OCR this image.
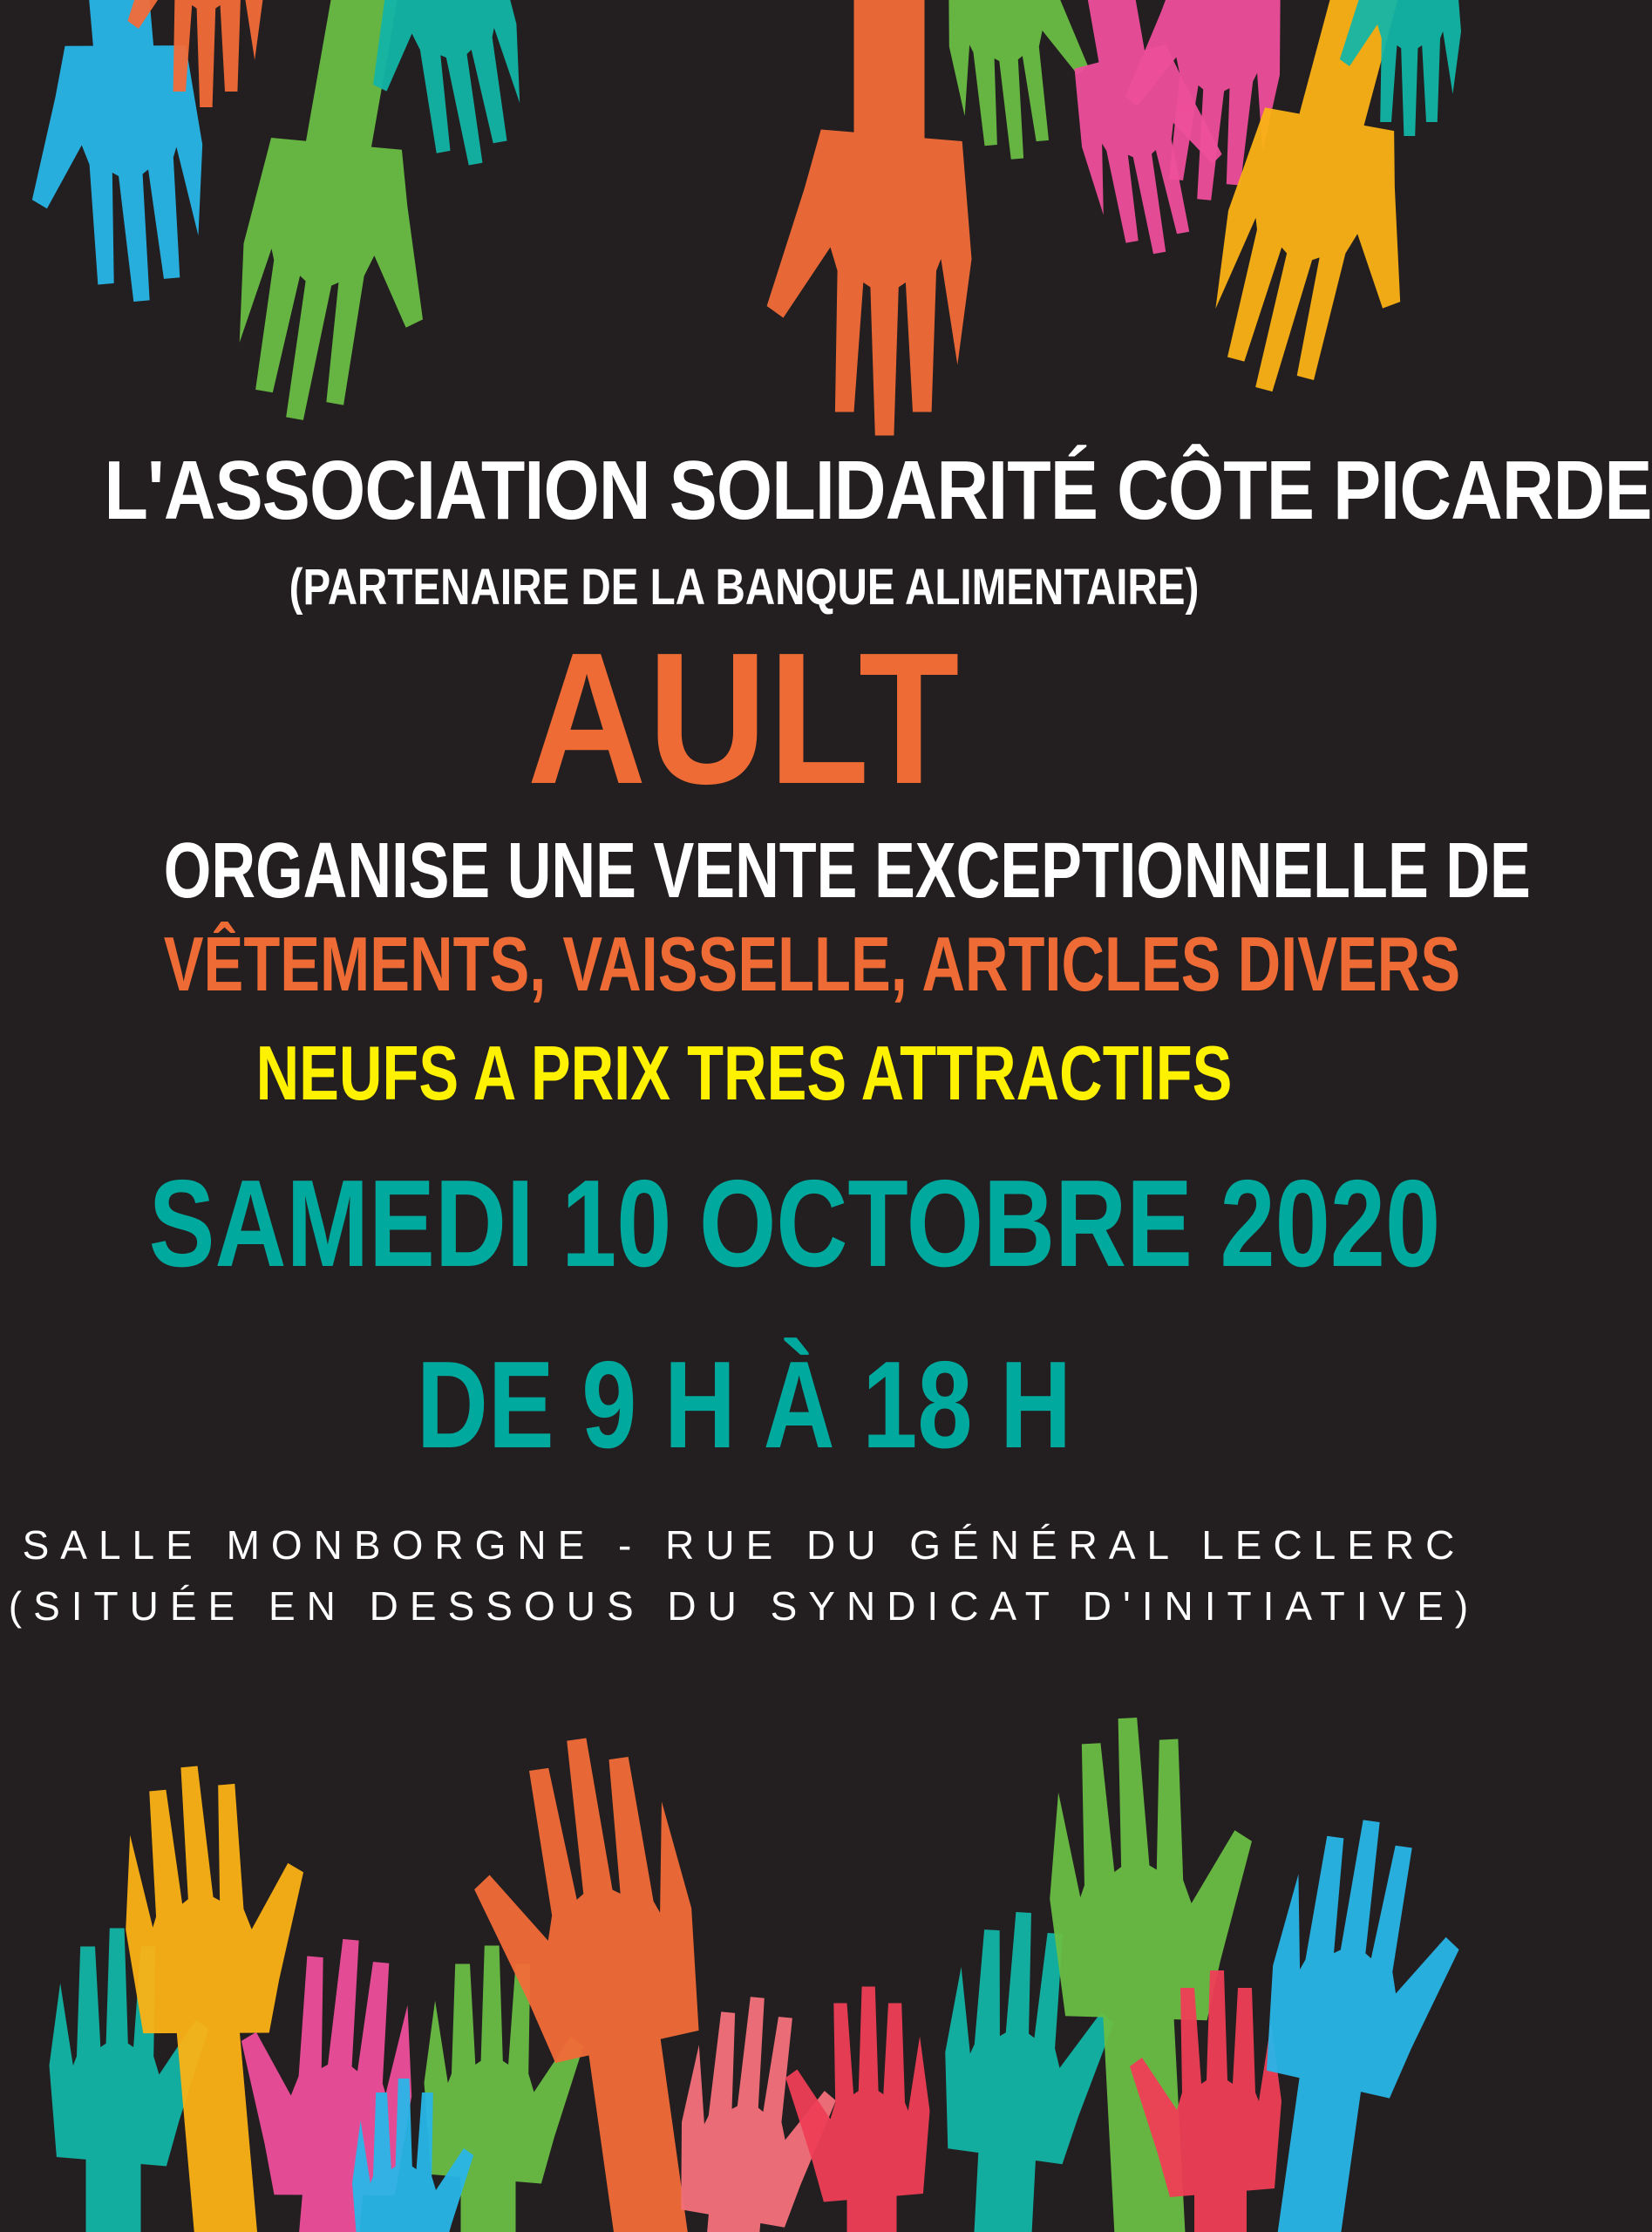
L'ASSOCIATION SOLIDARITÉ CÔTE PICARDE

(PARTENAIRE DE LA BANQUE ALIMENTAIRE)

AULT

ORGANISE UNE VENTE EXCEPTIONNELLE DE

VÊTEMENTS, VAISSELLE, ARTICLES DIVERS

NEUFS A PRIX TRES ATTRACTIFS

SAMEDI 10 OCTOBRE 2020

DE 9 H À 18 H

SALLE MONBORGNE - RUE DU GÉNÉRAL LECLERC

(SITUÉE EN DESSOUS DU SYNDICAT D'INITIATIVE)
